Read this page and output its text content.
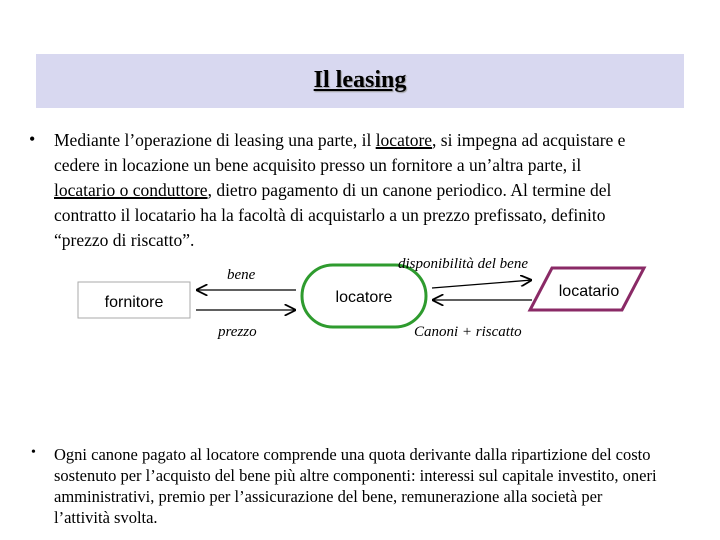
Il leasing
• Mediante l’operazione di leasing una parte, il locatore, si impegna ad acquistare e
cedere in locazione un bene acquisito presso un fornitore a un’altra parte, il
locatario o conduttore, dietro pagamento di un canone periodico. Al termine del
contratto il locatario ha la facoltà di acquistarlo a un prezzo prefissato, definito
“prezzo di riscatto”.
fornitore	locatore	locatario
bene
prezzo
disponibilità del bene
Canoni + riscatto
• Ogni canone pagato al locatore comprende una quota derivante dalla ripartizione del costo
sostenuto per l’acquisto del bene più altre componenti: interessi sul capitale investito, oneri
amministrativi, premio per l’assicurazione del bene, remunerazione alla società per
l’attività svolta.
